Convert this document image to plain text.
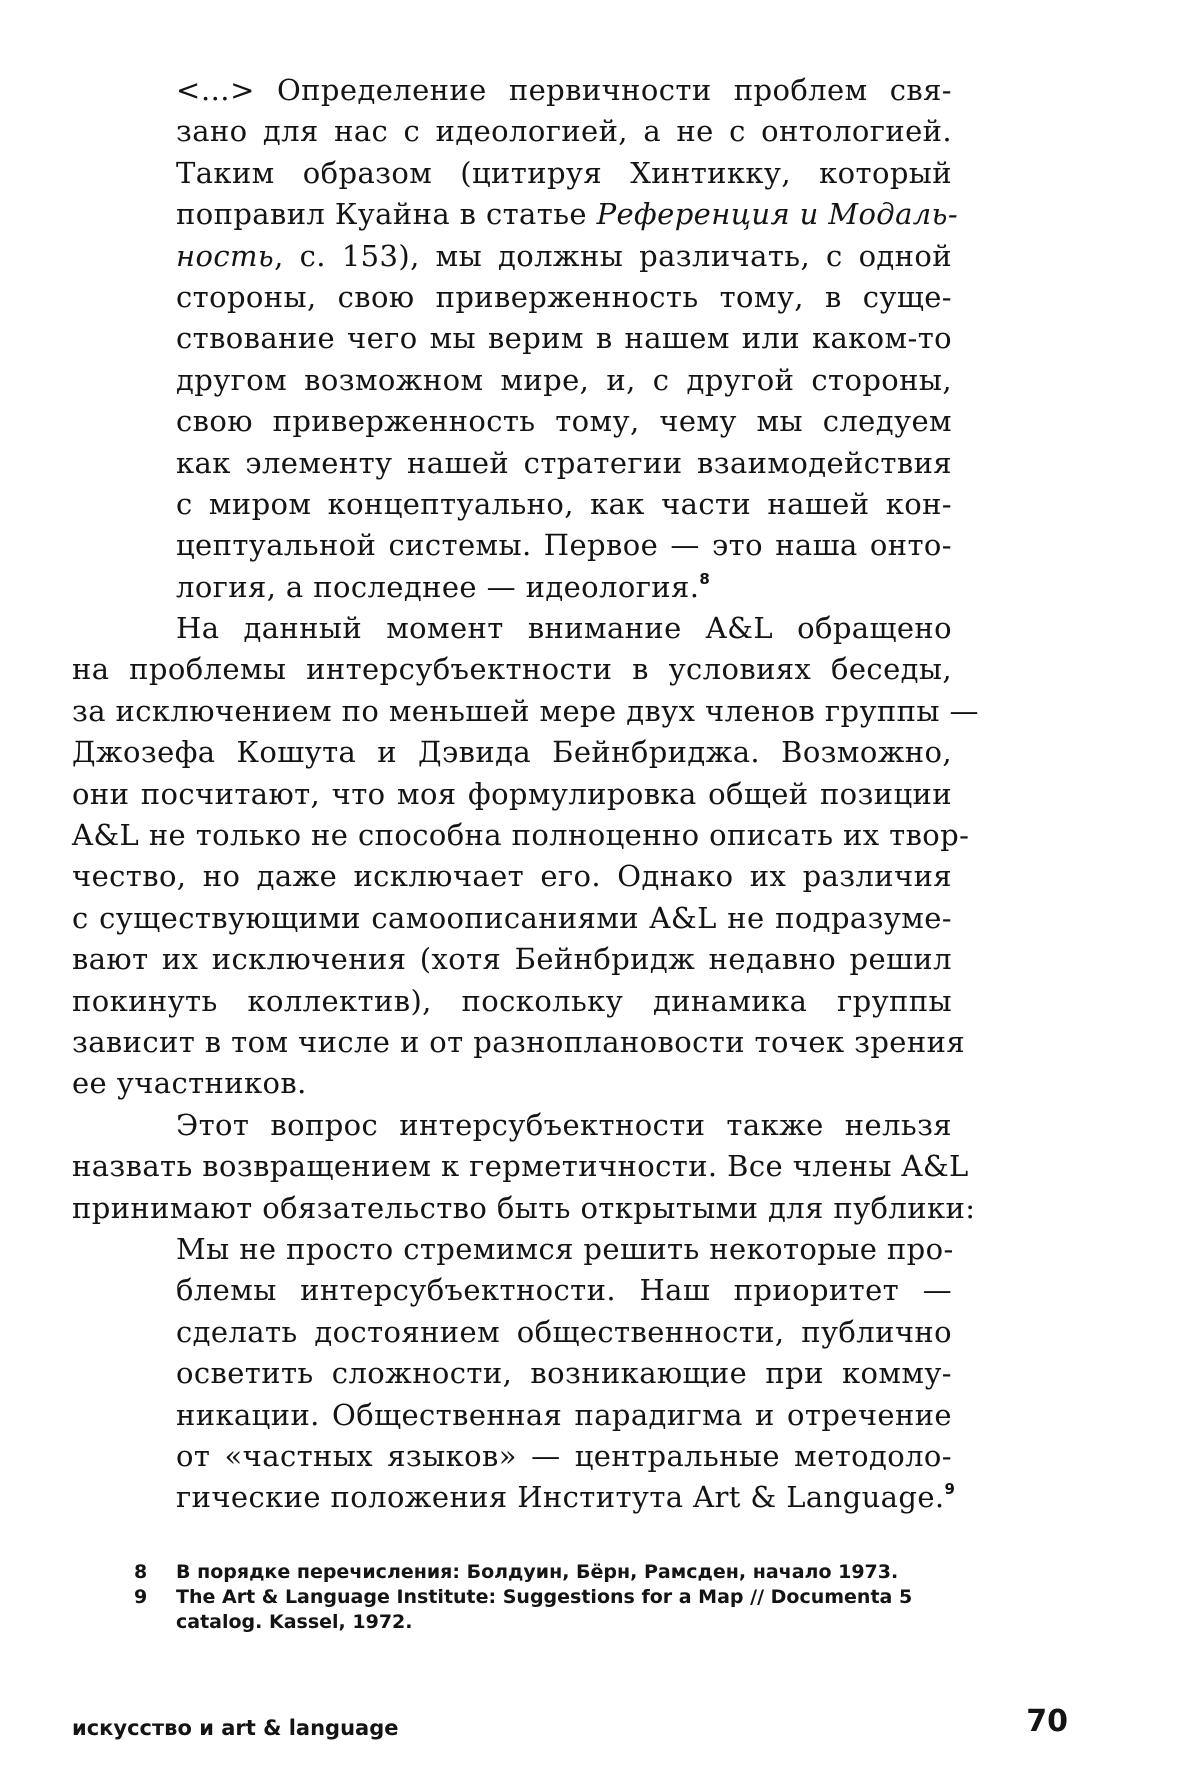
<…> Определение первичности проблем свя-
зано для нас с идеологией, а не с онтологией.
Таким образом (цитируя Хинтикку, который
поправил Куайна в статье Референция и Модаль-
ность, с. 153), мы должны различать, с одной
стороны, свою приверженность тому, в суще-
ствование чего мы верим в нашем или каком-то
другом возможном мире, и, с другой стороны,
свою приверженность тому, чему мы следуем
как элементу нашей стратегии взаимодействия
с миром концептуально, как части нашей кон-
цептуальной системы. Первое — это наша онто-
логия, а последнее — идеология.$^8$
На данный момент внимание A&L обращено
на проблемы интерсубъектности в условиях беседы,
за исключением по меньшей мере двух членов группы —
Джозефа Кошута и Дэвида Бейнбриджа. Возможно,
они посчитают, что моя формулировка общей позиции
A&L не только не способна полноценно описать их твор-
чество, но даже исключает его. Однако их различия
с существующими самоописаниями A&L не подразуме-
вают их исключения (хотя Бейнбридж недавно решил
покинуть коллектив), поскольку динамика группы
зависит в том числе и от разноплановости точек зрения
ее участников.
Этот вопрос интерсубъектности также нельзя
назвать возвращением к герметичности. Все члены A&L
принимают обязательство быть открытыми для публики:
Мы не просто стремимся решить некоторые про-
блемы интерсубъектности. Наш приоритет —
сделать достоянием общественности, публично
осветить сложности, возникающие при комму-
никации. Общественная парадигма и отречение
от «частных языков» — центральные методоло-
гические положения Института Art & Language.$^9$
8	В порядке перечисления: Болдуин, Бёрн, Рамсден, начало 1973.
9	The Art & Language Institute: Suggestions for a Map // Documenta 5 catalog. Kassel, 1972.
искусство и art & language	70
